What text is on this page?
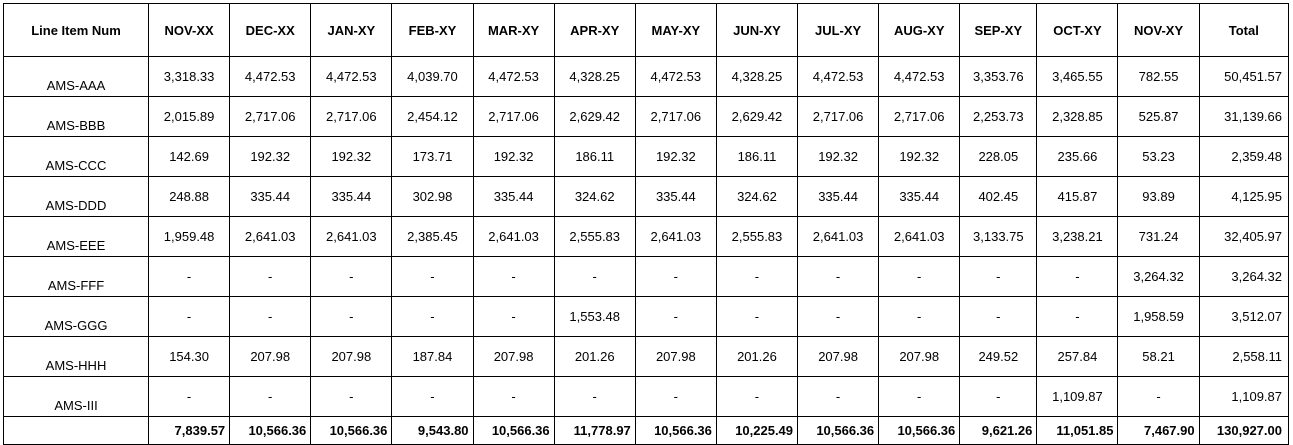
Line Item Num	NOV-XX	DEC-XX	JAN-XY	FEB-XY	MAR-XY	APR-XY	MAY-XY	JUN-XY	JUL-XY	AUG-XY	SEP-XY	OCT-XY	NOV-XY	Total
AMS-AAA	3,318.33	4,472.53	4,472.53	4,039.70	4,472.53	4,328.25	4,472.53	4,328.25	4,472.53	4,472.53	3,353.76	3,465.55	782.55	50,451.57
AMS-BBB	2,015.89	2,717.06	2,717.06	2,454.12	2,717.06	2,629.42	2,717.06	2,629.42	2,717.06	2,717.06	2,253.73	2,328.85	525.87	31,139.66
AMS-CCC	142.69	192.32	192.32	173.71	192.32	186.11	192.32	186.11	192.32	192.32	228.05	235.66	53.23	2,359.48
AMS-DDD	248.88	335.44	335.44	302.98	335.44	324.62	335.44	324.62	335.44	335.44	402.45	415.87	93.89	4,125.95
AMS-EEE	1,959.48	2,641.03	2,641.03	2,385.45	2,641.03	2,555.83	2,641.03	2,555.83	2,641.03	2,641.03	3,133.75	3,238.21	731.24	32,405.97
AMS-FFF	-	-	-	-	-	-	-	-	-	-	-	-	3,264.32	3,264.32
AMS-GGG	-	-	-	-	-	1,553.48	-	-	-	-	-	-	1,958.59	3,512.07
AMS-HHH	154.30	207.98	207.98	187.84	207.98	201.26	207.98	201.26	207.98	207.98	249.52	257.84	58.21	2,558.11
AMS-III	-	-	-	-	-	-	-	-	-	-	-	1,109.87	-	1,109.87
	7,839.57	10,566.36	10,566.36	9,543.80	10,566.36	11,778.97	10,566.36	10,225.49	10,566.36	10,566.36	9,621.26	11,051.85	7,467.90	130,927.00
